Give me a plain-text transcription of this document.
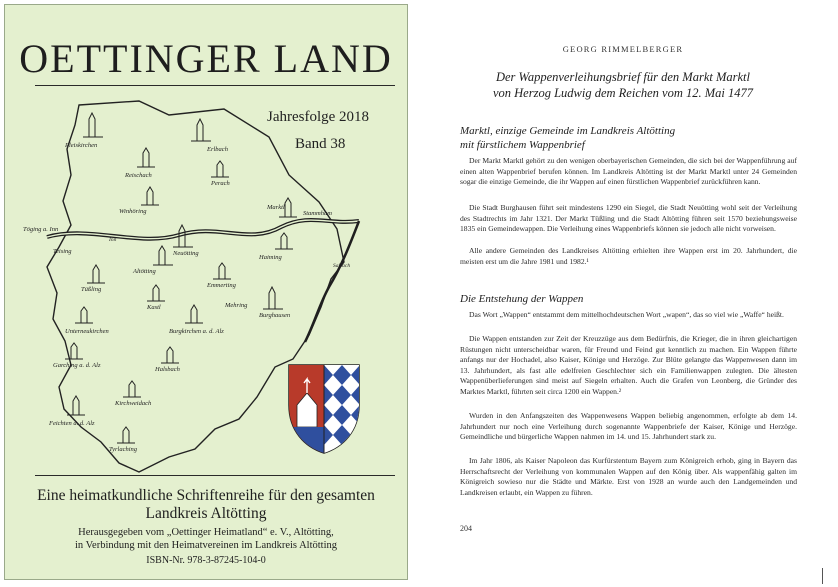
OETTINGER LAND
Pleiskirchen
Reischach
Erlbach
Perach
Winhöring
Marktl
Stammham
Töging a. Inn
Teising	Neuötting
Haiming
Altötting
Emmerting
Tüßling
Kastl	Mehring
Burghausen
Burgkirchen a. d. Alz
Unterneukirchen
Garching a. d. Alz
Halsbach
Kirchweidach
Feichten a. d. Alz
Tyrlaching
Salzach
Inn
Jahresfolge 2018
Band 38
Eine heimatkundliche Schriftenreihe für den gesamten
Landkreis Altötting
Herausgegeben vom „Oettinger Heimatland“ e. V., Altötting,
in Verbindung mit den Heimatvereinen im Landkreis Altötting
ISBN-Nr. 978-3-87245-104-0
GEORG RIMMELBERGER
Der Wappenverleihungsbrief für den Markt Marktl
von Herzog Ludwig dem Reichen vom 12. Mai 1477
Marktl, einzige Gemeinde im Landkreis Altötting
mit fürstlichem Wappenbrief

Der Markt Marktl gehört zu den wenigen oberbayerischen Gemeinden, die sich bei der Wappenführung auf einen alten Wappenbrief berufen können. Im Landkreis Altötting ist der Markt Marktl unter 24 Gemeinden sogar die einzige Gemeinde, die ihr Wappen auf einen fürstlichen Wappenbrief zurückführen kann.

Die Stadt Burghausen führt seit mindestens 1290 ein Siegel, die Stadt Neuötting wohl seit der Verleihung des Stadtrechts im Jahr 1321. Der Markt Tüßling und die Stadt Altötting führen seit 1570 beziehungsweise 1835 ein Gemeindewappen. Die Verleihung eines Wappenbriefs können sie jedoch alle nicht vorweisen.

Alle andere Gemeinden des Landkreises Altötting erhielten ihre Wappen erst im 20. Jahrhundert, die meisten erst um die Jahre 1981 und 1982.¹

Die Entstehung der Wappen

Das Wort „Wappen“ entstammt dem mittelhochdeutschen Wort „wapen“, das so viel wie „Waffe“ heißt.

Die Wappen entstanden zur Zeit der Kreuzzüge aus dem Bedürfnis, die Krieger, die in ihren gleichartigen Rüstungen nicht unterscheidbar waren, für Freund und Feind gut kenntlich zu machen. Ein Wappen führte anfangs nur der Hochadel, also Kaiser, Könige und Herzöge. Zur Blüte gelangte das Wappenwesen dann im 13. Jahrhundert, als fast alle edelfreien Geschlechter sich ein Familienwappen zulegten. Die ältesten Wappenüberlieferungen sind meist auf Siegeln erhalten. Auch die Grafen von Leonberg, die Gründer des Marktes Marktl, führten seit circa 1200 ein Wappen.²

Wurden in den Anfangszeiten des Wappenwesens Wappen beliebig angenommen, erfolgte ab dem 14. Jahrhundert nur noch eine Verleihung durch sogenannte Wappenbriefe der Kaiser, Könige und Herzöge. Gemeindliche und bürgerliche Wappen nahmen im 14. und 15. Jahrhundert stark zu.

Im Jahr 1806, als Kaiser Napoleon das Kurfürstentum Bayern zum Königreich erhob, ging in Bayern das Herrschaftsrecht der Verleihung von kommunalen Wappen auf den König über. Als wappenfähig galten im Königreich sowieso nur die Städte und Märkte. Erst von 1928 an wurde auch den Landgemeinden und Landkreisen erlaubt, ein Wappen zu führen.

204
